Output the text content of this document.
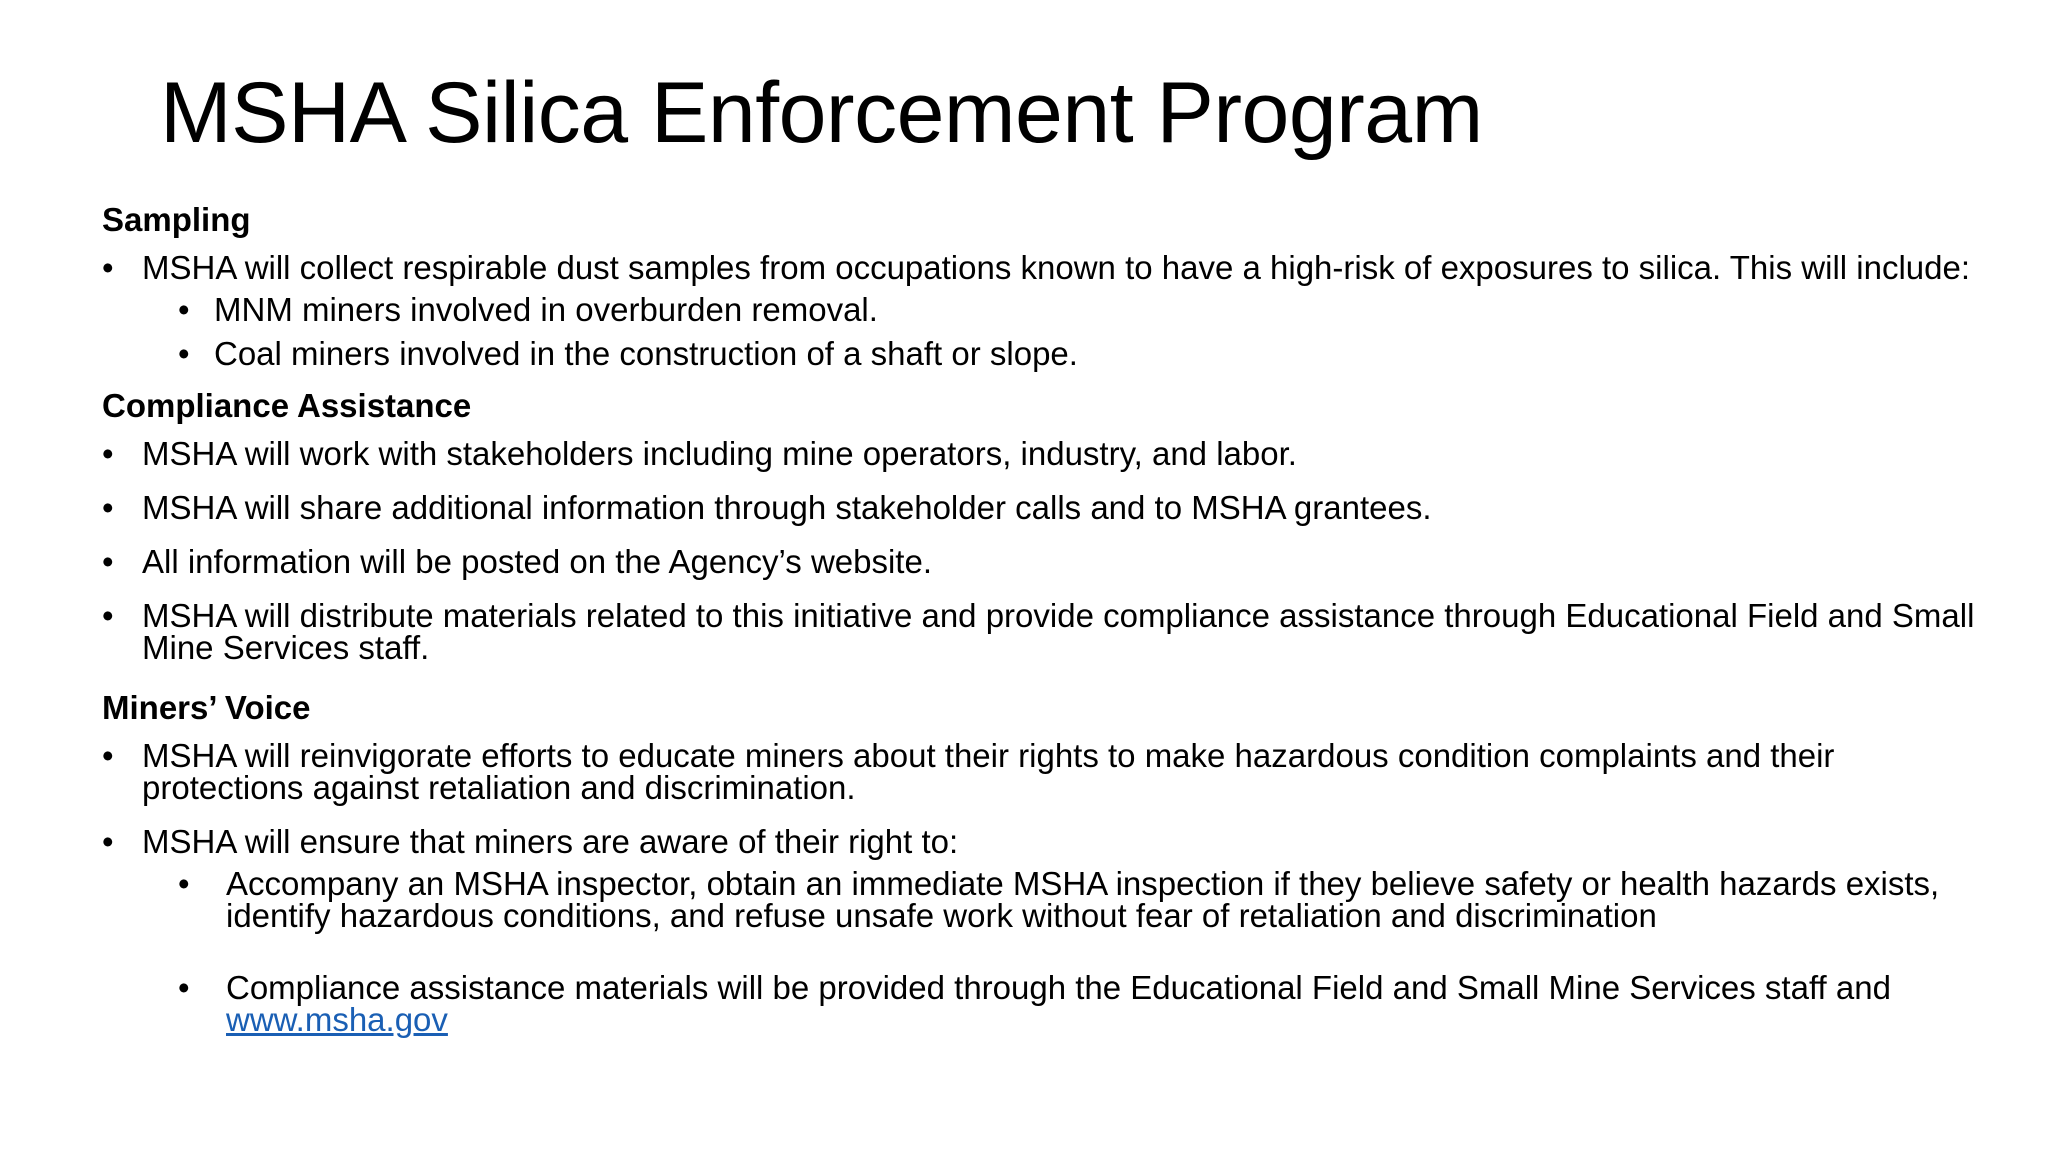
MSHA Silica Enforcement Program
Sampling
• MSHA will collect respirable dust samples from occupations known to have a high-risk of exposures to silica. This will include:
• MNM miners involved in overburden removal.
• Coal miners involved in the construction of a shaft or slope.
Compliance Assistance
• MSHA will work with stakeholders including mine operators, industry, and labor.
• MSHA will share additional information through stakeholder calls and to MSHA grantees.
• All information will be posted on the Agency’s website.
• MSHA will distribute materials related to this initiative and provide compliance assistance through Educational Field and Small Mine Services staff.
Miners’ Voice
• MSHA will reinvigorate efforts to educate miners about their rights to make hazardous condition complaints and their protections against retaliation and discrimination.
• MSHA will ensure that miners are aware of their right to:
• Accompany an MSHA inspector, obtain an immediate MSHA inspection if they believe safety or health hazards exists, identify hazardous conditions, and refuse unsafe work without fear of retaliation and discrimination
• Compliance assistance materials will be provided through the Educational Field and Small Mine Services staff and www.msha.gov
